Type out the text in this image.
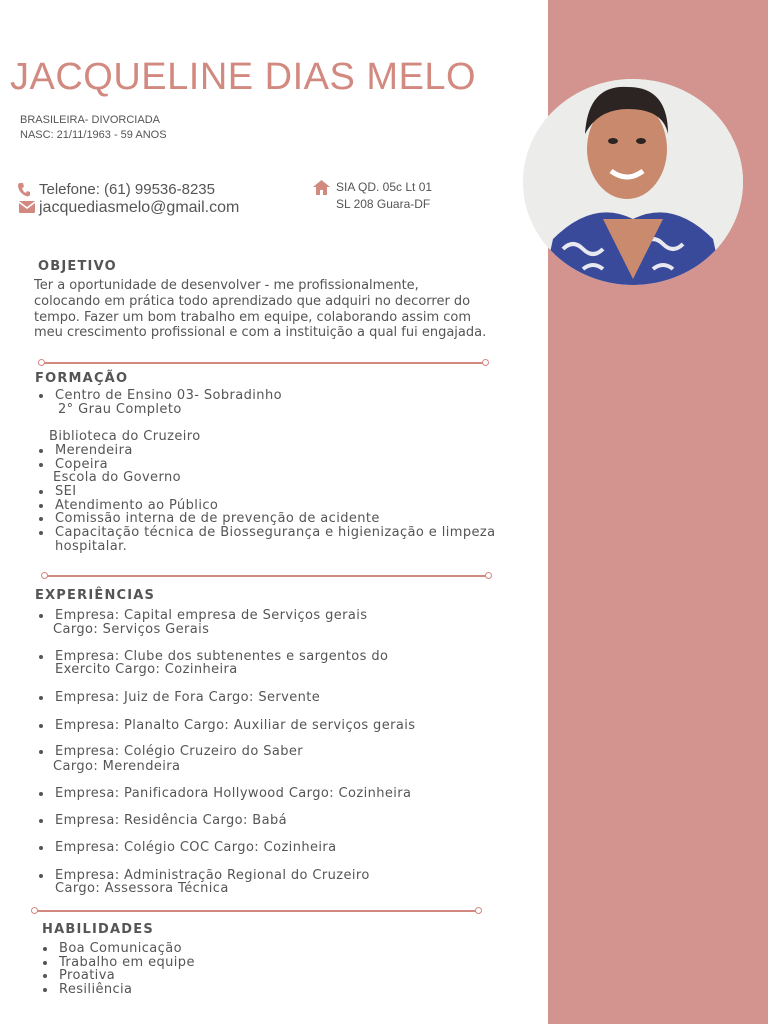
JACQUELINE DIAS MELO
BRASILEIRA- DIVORCIADA
NASC: 21/11/1963 - 59 ANOS
Telefone: (61) 99536-8235
jacquediasmelo@gmail.com
SIA QD. 05c Lt 01
SL 208 Guara-DF
OBJETIVO
Ter a oportunidade de desenvolver - me profissionalmente,
colocando em prática todo aprendizado que adquiri no decorrer do
tempo. Fazer um bom trabalho em equipe, colaborando assim com
meu crescimento profissional e com a instituição a qual fui engajada.
FORMAÇÃO
Centro de Ensino 03- Sobradinho
2° Grau Completo
Biblioteca do Cruzeiro
Merendeira
Copeira
Escola do Governo
SEI
Atendimento ao Público
Comissão interna de de prevenção de acidente
Capacitação técnica de Biossegurança e higienização e limpeza
hospitalar.
EXPERIÊNCIAS
Empresa: Capital empresa de Serviços gerais
Cargo: Serviços Gerais
Empresa: Clube dos subtenentes e sargentos do
Exercito Cargo: Cozinheira
Empresa: Juiz de Fora Cargo: Servente
Empresa: Planalto Cargo: Auxiliar de serviços gerais
Empresa: Colégio Cruzeiro do Saber
Cargo: Merendeira
Empresa: Panificadora Hollywood Cargo: Cozinheira
Empresa: Residência Cargo: Babá
Empresa: Colégio COC Cargo: Cozinheira
Empresa: Administração Regional do Cruzeiro
Cargo: Assessora Técnica
HABILIDADES
Boa Comunicação
Trabalho em equipe
Proativa
Resiliência
